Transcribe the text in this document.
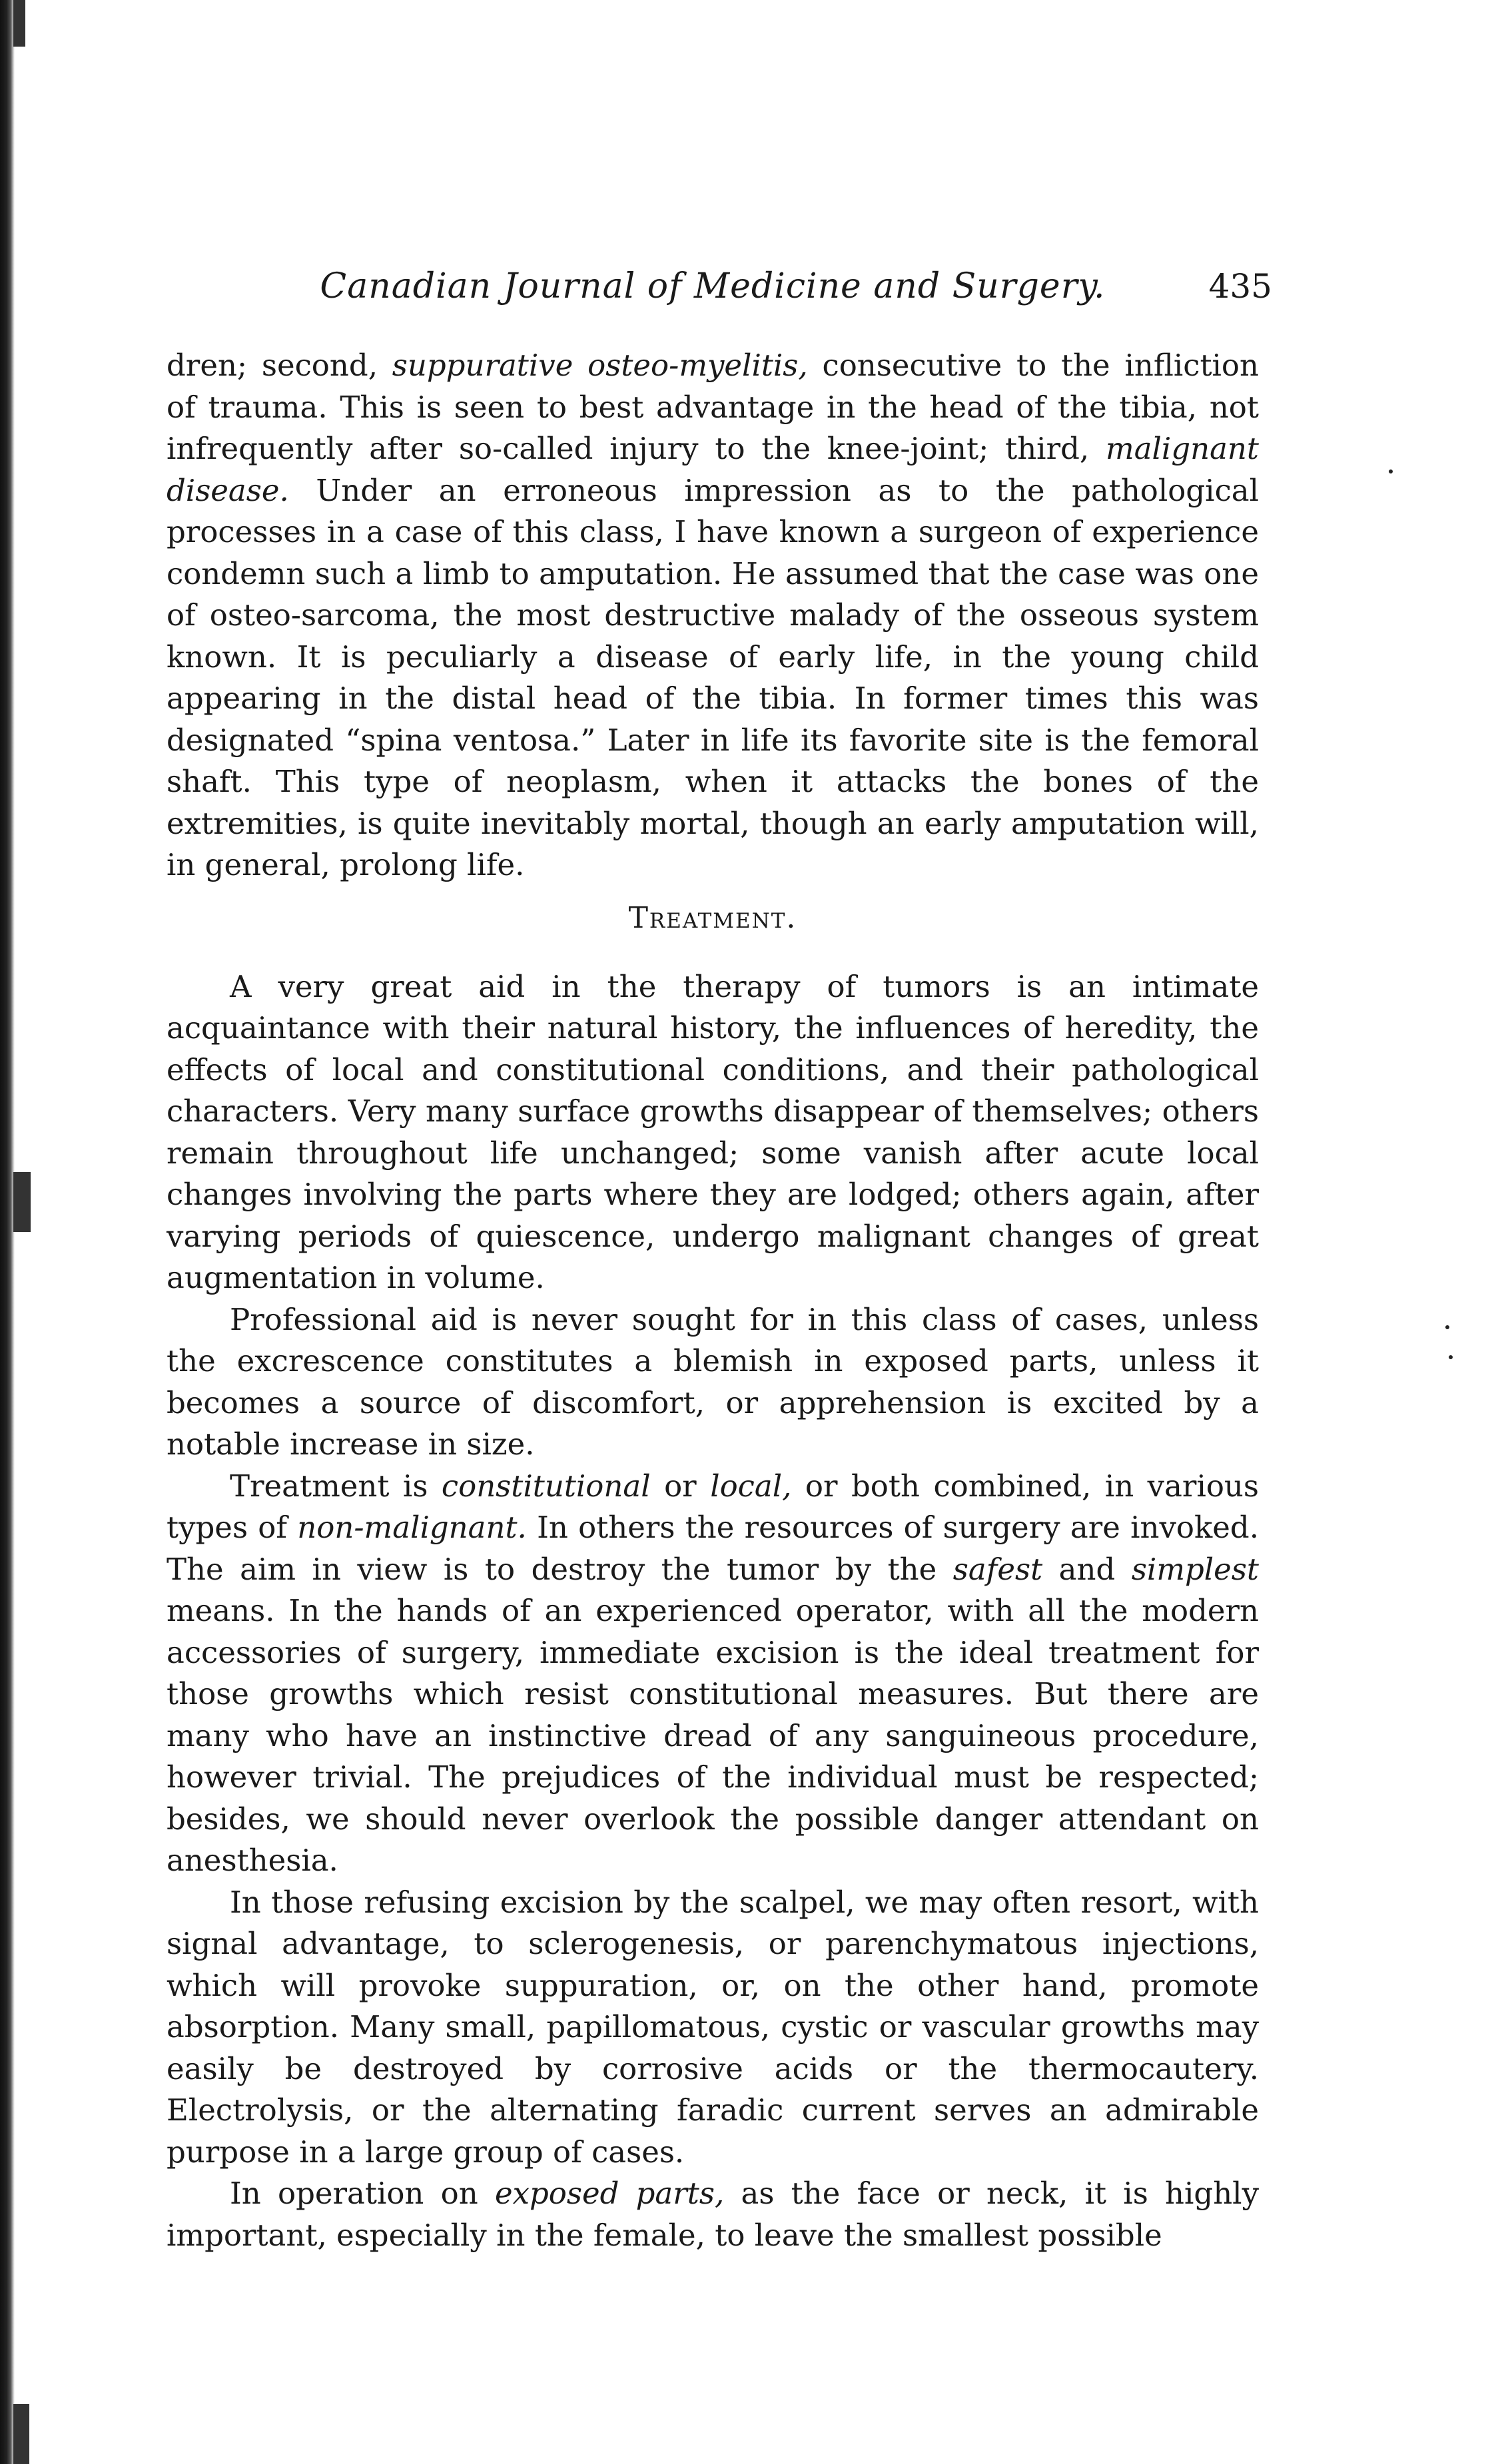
Canadian Journal of Medicine and Surgery.	435

dren; second, suppurative osteo-myelitis, consecutive to the infliction of trauma. This is seen to best advantage in the head of the tibia, not infrequently after so-called injury to the knee-joint; third, malignant disease. Under an erroneous impression as to the pathological processes in a case of this class, I have known a surgeon of experience condemn such a limb to amputation. He assumed that the case was one of osteo-sarcoma, the most destructive malady of the osseous system known. It is peculiarly a disease of early life, in the young child appearing in the distal head of the tibia. In former times this was designated “spina ventosa.” Later in life its favorite site is the femoral shaft. This type of neoplasm, when it attacks the bones of the extremities, is quite inevitably mortal, though an early amputation will, in general, prolong life.

Treatment.

A very great aid in the therapy of tumors is an intimate acquaintance with their natural history, the influences of heredity, the effects of local and constitutional conditions, and their pathological characters. Very many surface growths disappear of themselves; others remain throughout life unchanged; some vanish after acute local changes involving the parts where they are lodged; others again, after varying periods of quiescence, undergo malignant changes of great augmentation in volume.

Professional aid is never sought for in this class of cases, unless the excrescence constitutes a blemish in exposed parts, unless it becomes a source of discomfort, or apprehension is excited by a notable increase in size.

Treatment is constitutional or local, or both combined, in various types of non-malignant. In others the resources of surgery are invoked. The aim in view is to destroy the tumor by the safest and simplest means. In the hands of an experienced operator, with all the modern accessories of surgery, immediate excision is the ideal treatment for those growths which resist constitutional measures. But there are many who have an instinctive dread of any sanguineous procedure, however trivial. The prejudices of the individual must be respected; besides, we should never overlook the possible danger attendant on anesthesia.

In those refusing excision by the scalpel, we may often resort, with signal advantage, to sclerogenesis, or parenchymatous injections, which will provoke suppuration, or, on the other hand, promote absorption. Many small, papillomatous, cystic or vascular growths may easily be destroyed by corrosive acids or the thermocautery. Electrolysis, or the alternating faradic current serves an admirable purpose in a large group of cases.

In operation on exposed parts, as the face or neck, it is highly important, especially in the female, to leave the smallest possible
